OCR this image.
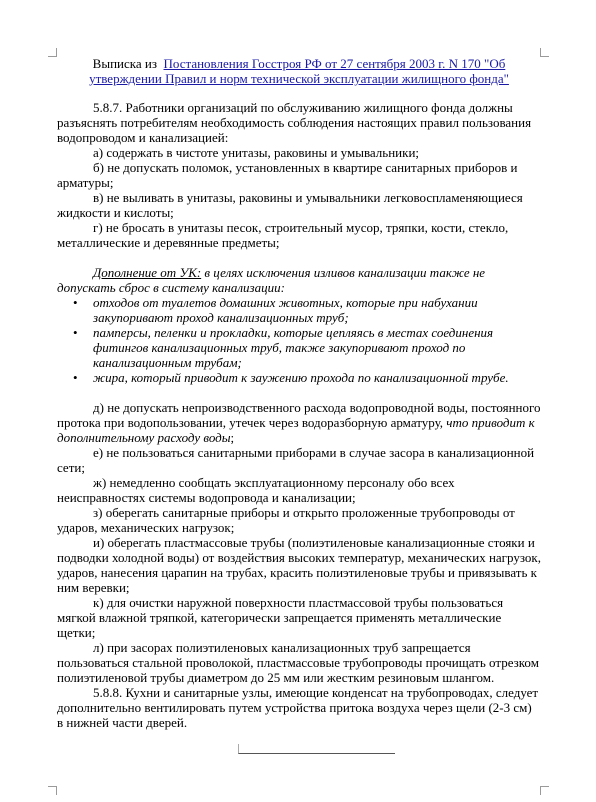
Выписка из Постановления Госстроя РФ от 27 сентября 2003 г. N 170 "Об утверждении Правил и норм технической эксплуатации жилищного фонда"

5.8.7. Работники организаций по обслуживанию жилищного фонда должны разъяснять потребителям необходимость соблюдения настоящих правил пользования водопроводом и канализацией:

а) содержать в чистоте унитазы, раковины и умывальники;

б) не допускать поломок, установленных в квартире санитарных приборов и арматуры;

в) не выливать в унитазы, раковины и умывальники легковоспламеняющиеся жидкости и кислоты;

г) не бросать в унитазы песок, строительный мусор, тряпки, кости, стекло, металлические и деревянные предметы;

Дополнение от УК: в целях исключения изливов канализации также не допускать сброс в систему канализации:

• отходов от туалетов домашних животных, которые при набухании закупоривают проход канализационных труб;
• памперсы, пеленки и прокладки, которые цепляясь в местах соединения фитингов канализационных труб, также закупоривают проход по канализационным трубам;
• жира, который приводит к заужению прохода по канализационной трубе.

д) не допускать непроизводственного расхода водопроводной воды, постоянного протока при водопользовании, утечек через водоразборную арматуру, что приводит к дополнительному расходу воды;

е) не пользоваться санитарными приборами в случае засора в канализационной сети;

ж) немедленно сообщать эксплуатационному персоналу обо всех неисправностях системы водопровода и канализации;

з) оберегать санитарные приборы и открыто проложенные трубопроводы от ударов, механических нагрузок;

и) оберегать пластмассовые трубы (полиэтиленовые канализационные стояки и подводки холодной воды) от воздействия высоких температур, механических нагрузок, ударов, нанесения царапин на трубах, красить полиэтиленовые трубы и привязывать к ним веревки;

к) для очистки наружной поверхности пластмассовой трубы пользоваться мягкой влажной тряпкой, категорически запрещается применять металлические щетки;

л) при засорах полиэтиленовых канализационных труб запрещается пользоваться стальной проволокой, пластмассовые трубопроводы прочищать отрезком полиэтиленовой трубы диаметром до 25 мм или жестким резиновым шлангом.

5.8.8. Кухни и санитарные узлы, имеющие конденсат на трубопроводах, следует дополнительно вентилировать путем устройства притока воздуха через щели (2-3 см) в нижней части дверей.
